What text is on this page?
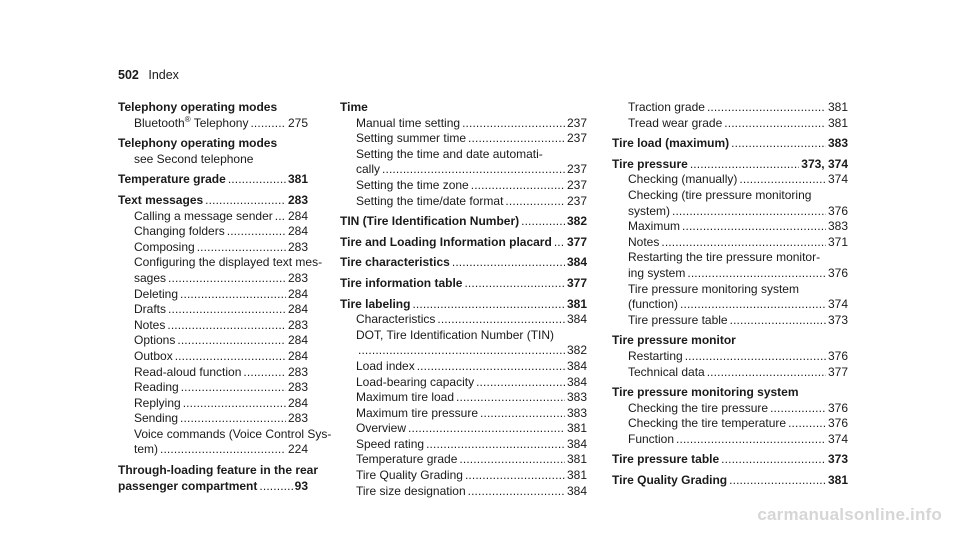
502 Index
Telephony operating modes
Bluetooth® Telephony . . .	275
Telephony operating modes
see Second telephone
Temperature grade . . .	381
Text messages . . .	283
Calling a message sender . . . 284
Changing folders . . .	284
Composing . . .	283
Configuring the displayed text mes-
sages . . .	283
Deleting . . .	284
Drafts . . .	284
Notes . . .	283
Options . . .	284
Outbox . . .	284
Read-aloud function . . .	283
Reading . . .	283
Replying . . .	284
Sending . . .	283
Voice commands (Voice Control Sys-
tem) . . .	224
Through-loading feature in the rear
passenger compartment . . .	93
Time
Manual time setting . . .	237
Setting summer time . . .	237
Setting the time and date automati-
cally . . .	237
Setting the time zone . . .	237
Setting the time/date format . . .	237
TIN (Tire Identification Number) . . .	382
Tire and Loading Information placard . . . 377
Tire characteristics . . .	384
Tire information table . . .	377
Tire labeling . . .	381
Characteristics . . .	384
DOT, Tire Identification Number (TIN)
. . .
382
Load index . . .	384
Load-bearing capacity . . .	384
Maximum tire load . . .	383
Maximum tire pressure . . .	383
Overview . . .	381
Speed rating . . .	384
Temperature grade . . .	381
Tire Quality Grading . . .	381
Tire size designation . . .	384
Traction grade . . .	381
Tread wear grade . . .	381
Tire load (maximum) . . .	383
Tire pressure . . .	373, 374
Checking (manually) . . .	374
Checking (tire pressure monitoring
system) . . .	376
Maximum . . .	383
Notes . . .	371
Restarting the tire pressure monitor-
ing system . . .	376
Tire pressure monitoring system
(function) . . .	374
Tire pressure table . . .	373
Tire pressure monitor
Restarting . . .	376
Technical data . . .	377
Tire pressure monitoring system
Checking the tire pressure . . .	376
Checking the tire temperature . . .	376
Function . . .	374
Tire pressure table . . .	373
Tire Quality Grading . . .	381
carmanualsonline.info
